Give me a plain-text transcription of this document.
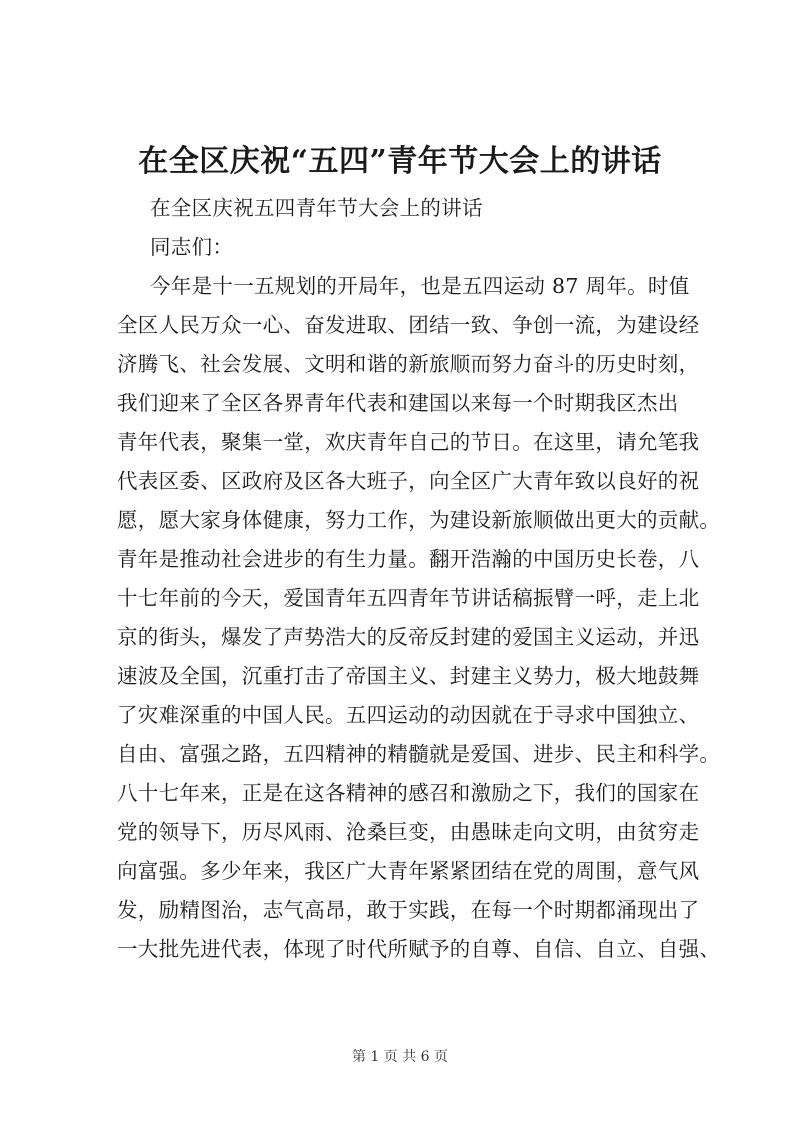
在全区庆祝“五四”青年节大会上的讲话
在全区庆祝五四青年节大会上的讲话
同志们：
今年是十一五规划的开局年，也是五四运动 87 周年。时值
全区人民万众一心、奋发进取、团结一致、争创一流，为建设经
济腾飞、社会发展、文明和谐的新旅顺而努力奋斗的历史时刻，
我们迎来了全区各界青年代表和建国以来每一个时期我区杰出
青年代表，聚集一堂，欢庆青年自己的节日。在这里，请允笔我
代表区委、区政府及区各大班子，向全区广大青年致以良好的祝
愿，愿大家身体健康，努力工作，为建设新旅顺做出更大的贡献。
青年是推动社会进步的有生力量。翻开浩瀚的中国历史长卷，八
十七年前的今天，爱国青年五四青年节讲话稿振臂一呼，走上北
京的街头，爆发了声势浩大的反帝反封建的爱国主义运动，并迅
速波及全国，沉重打击了帝国主义、封建主义势力，极大地鼓舞
了灾难深重的中国人民。五四运动的动因就在于寻求中国独立、
自由、富强之路，五四精神的精髓就是爱国、进步、民主和科学。
八十七年来，正是在这各精神的感召和激励之下，我们的国家在
党的领导下，历尽风雨、沧桑巨变，由愚昧走向文明，由贫穷走
向富强。多少年来，我区广大青年紧紧团结在党的周围，意气风
发，励精图治，志气高昂，敢于实践，在每一个时期都涌现出了
一大批先进代表，体现了时代所赋予的自尊、自信、自立、自强、
第 1 页 共 6 页
